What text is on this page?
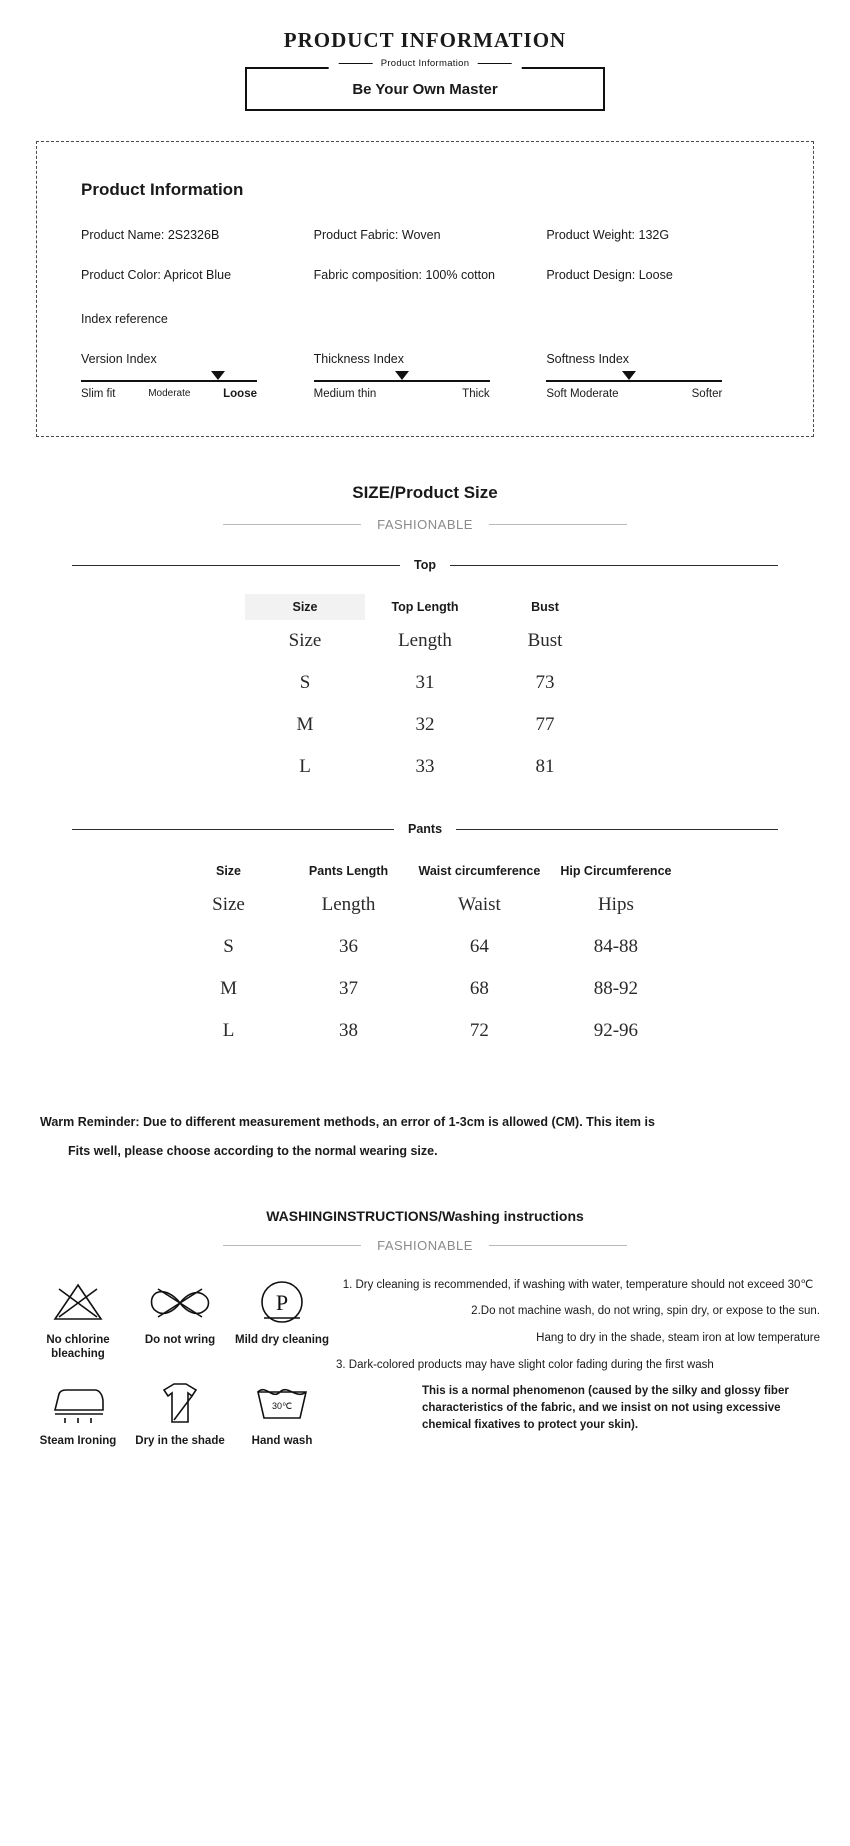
PRODUCT INFORMATION
Be Your Own Master
Product Information
Product Information
Product Name: 2S2326B	Product Fabric: Woven	Product Weight: 132G
Product Color: Apricot Blue	Fabric composition: 100% cotton	Product Design: Loose
Index reference
Version Index
Slim fit	Moderate	Loose
Thickness Index
Medium thin	Thick
Softness Index
Soft Moderate	Softer
SIZE/Product Size
FASHIONABLE
Top
Size	Top Length	Bust
Size	Length	Bust
S	31	73
M	32	77
L	33	81
Pants
Size	Pants Length	Waist circumference	Hip Circumference
Size	Length	Waist	Hips
S	36	64	84-88
M	37	68	88-92
L	38	72	92-96
Warm Reminder: Due to different measurement methods, an error of 1-3cm is allowed (CM). This item is
Fits well, please choose according to the normal wearing size.
WASHINGINSTRUCTIONS/Washing instructions
FASHIONABLE
No chlorine bleaching
Do not wring
P
Mild dry cleaning
Steam Ironing	Dry in the shade
30℃
Hand wash

1. Dry cleaning is recommended, if washing with water, temperature should not exceed 30℃

2.Do not machine wash, do not wring, spin dry, or expose to the sun.

Hang to dry in the shade, steam iron at low temperature

3. Dark-colored products may have slight color fading during the first wash

This is a normal phenomenon (caused by the silky and glossy fiber characteristics of the fabric, and we insist on not using excessive chemical fixatives to protect your skin).
